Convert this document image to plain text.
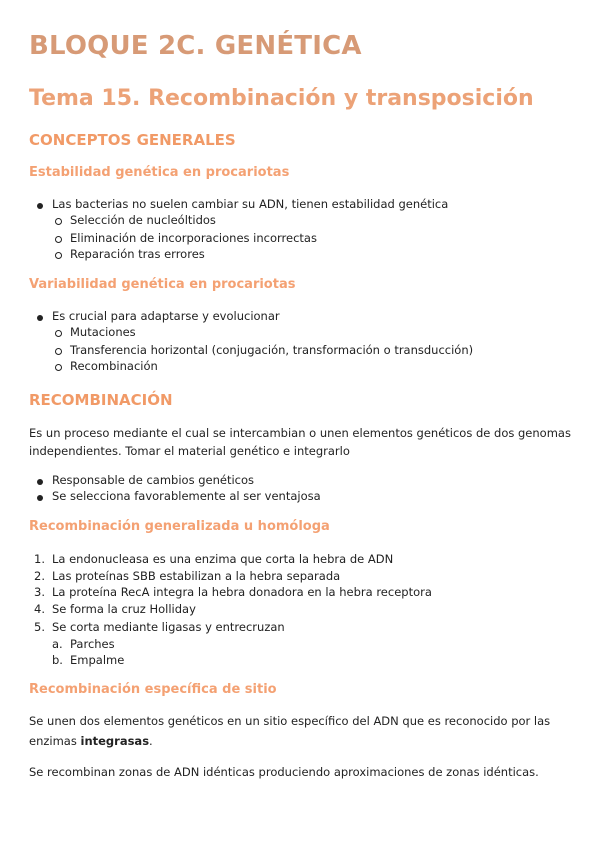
BLOQUE 2C. GENÉTICA
Tema 15. Recombinación y transposición
CONCEPTOS GENERALES
Estabilidad genética en procariotas
Las bacterias no suelen cambiar su ADN, tienen estabilidad genética
Selección de nucleóltidos
Eliminación de incorporaciones incorrectas
Reparación tras errores
Variabilidad genética en procariotas
Es crucial para adaptarse y evolucionar
Mutaciones
Transferencia horizontal (conjugación, transformación o transducción)
Recombinación
RECOMBINACIÓN
Es un proceso mediante el cual se intercambian o unen elementos genéticos de dos genomas
independientes. Tomar el material genético e integrarlo
Responsable de cambios genéticos
Se selecciona favorablemente al ser ventajosa
Recombinación generalizada u homóloga
1. La endonucleasa es una enzima que corta la hebra de ADN
2. Las proteínas SBB estabilizan a la hebra separada
3. La proteína RecA integra la hebra donadora en la hebra receptora
4. Se forma la cruz Holliday
5. Se corta mediante ligasas y entrecruzan
a. Parches
b. Empalme
Recombinación específica de sitio
Se unen dos elementos genéticos en un sitio específico del ADN que es reconocido por las
enzimas integrasas.
Se recombinan zonas de ADN idénticas produciendo aproximaciones de zonas idénticas.
